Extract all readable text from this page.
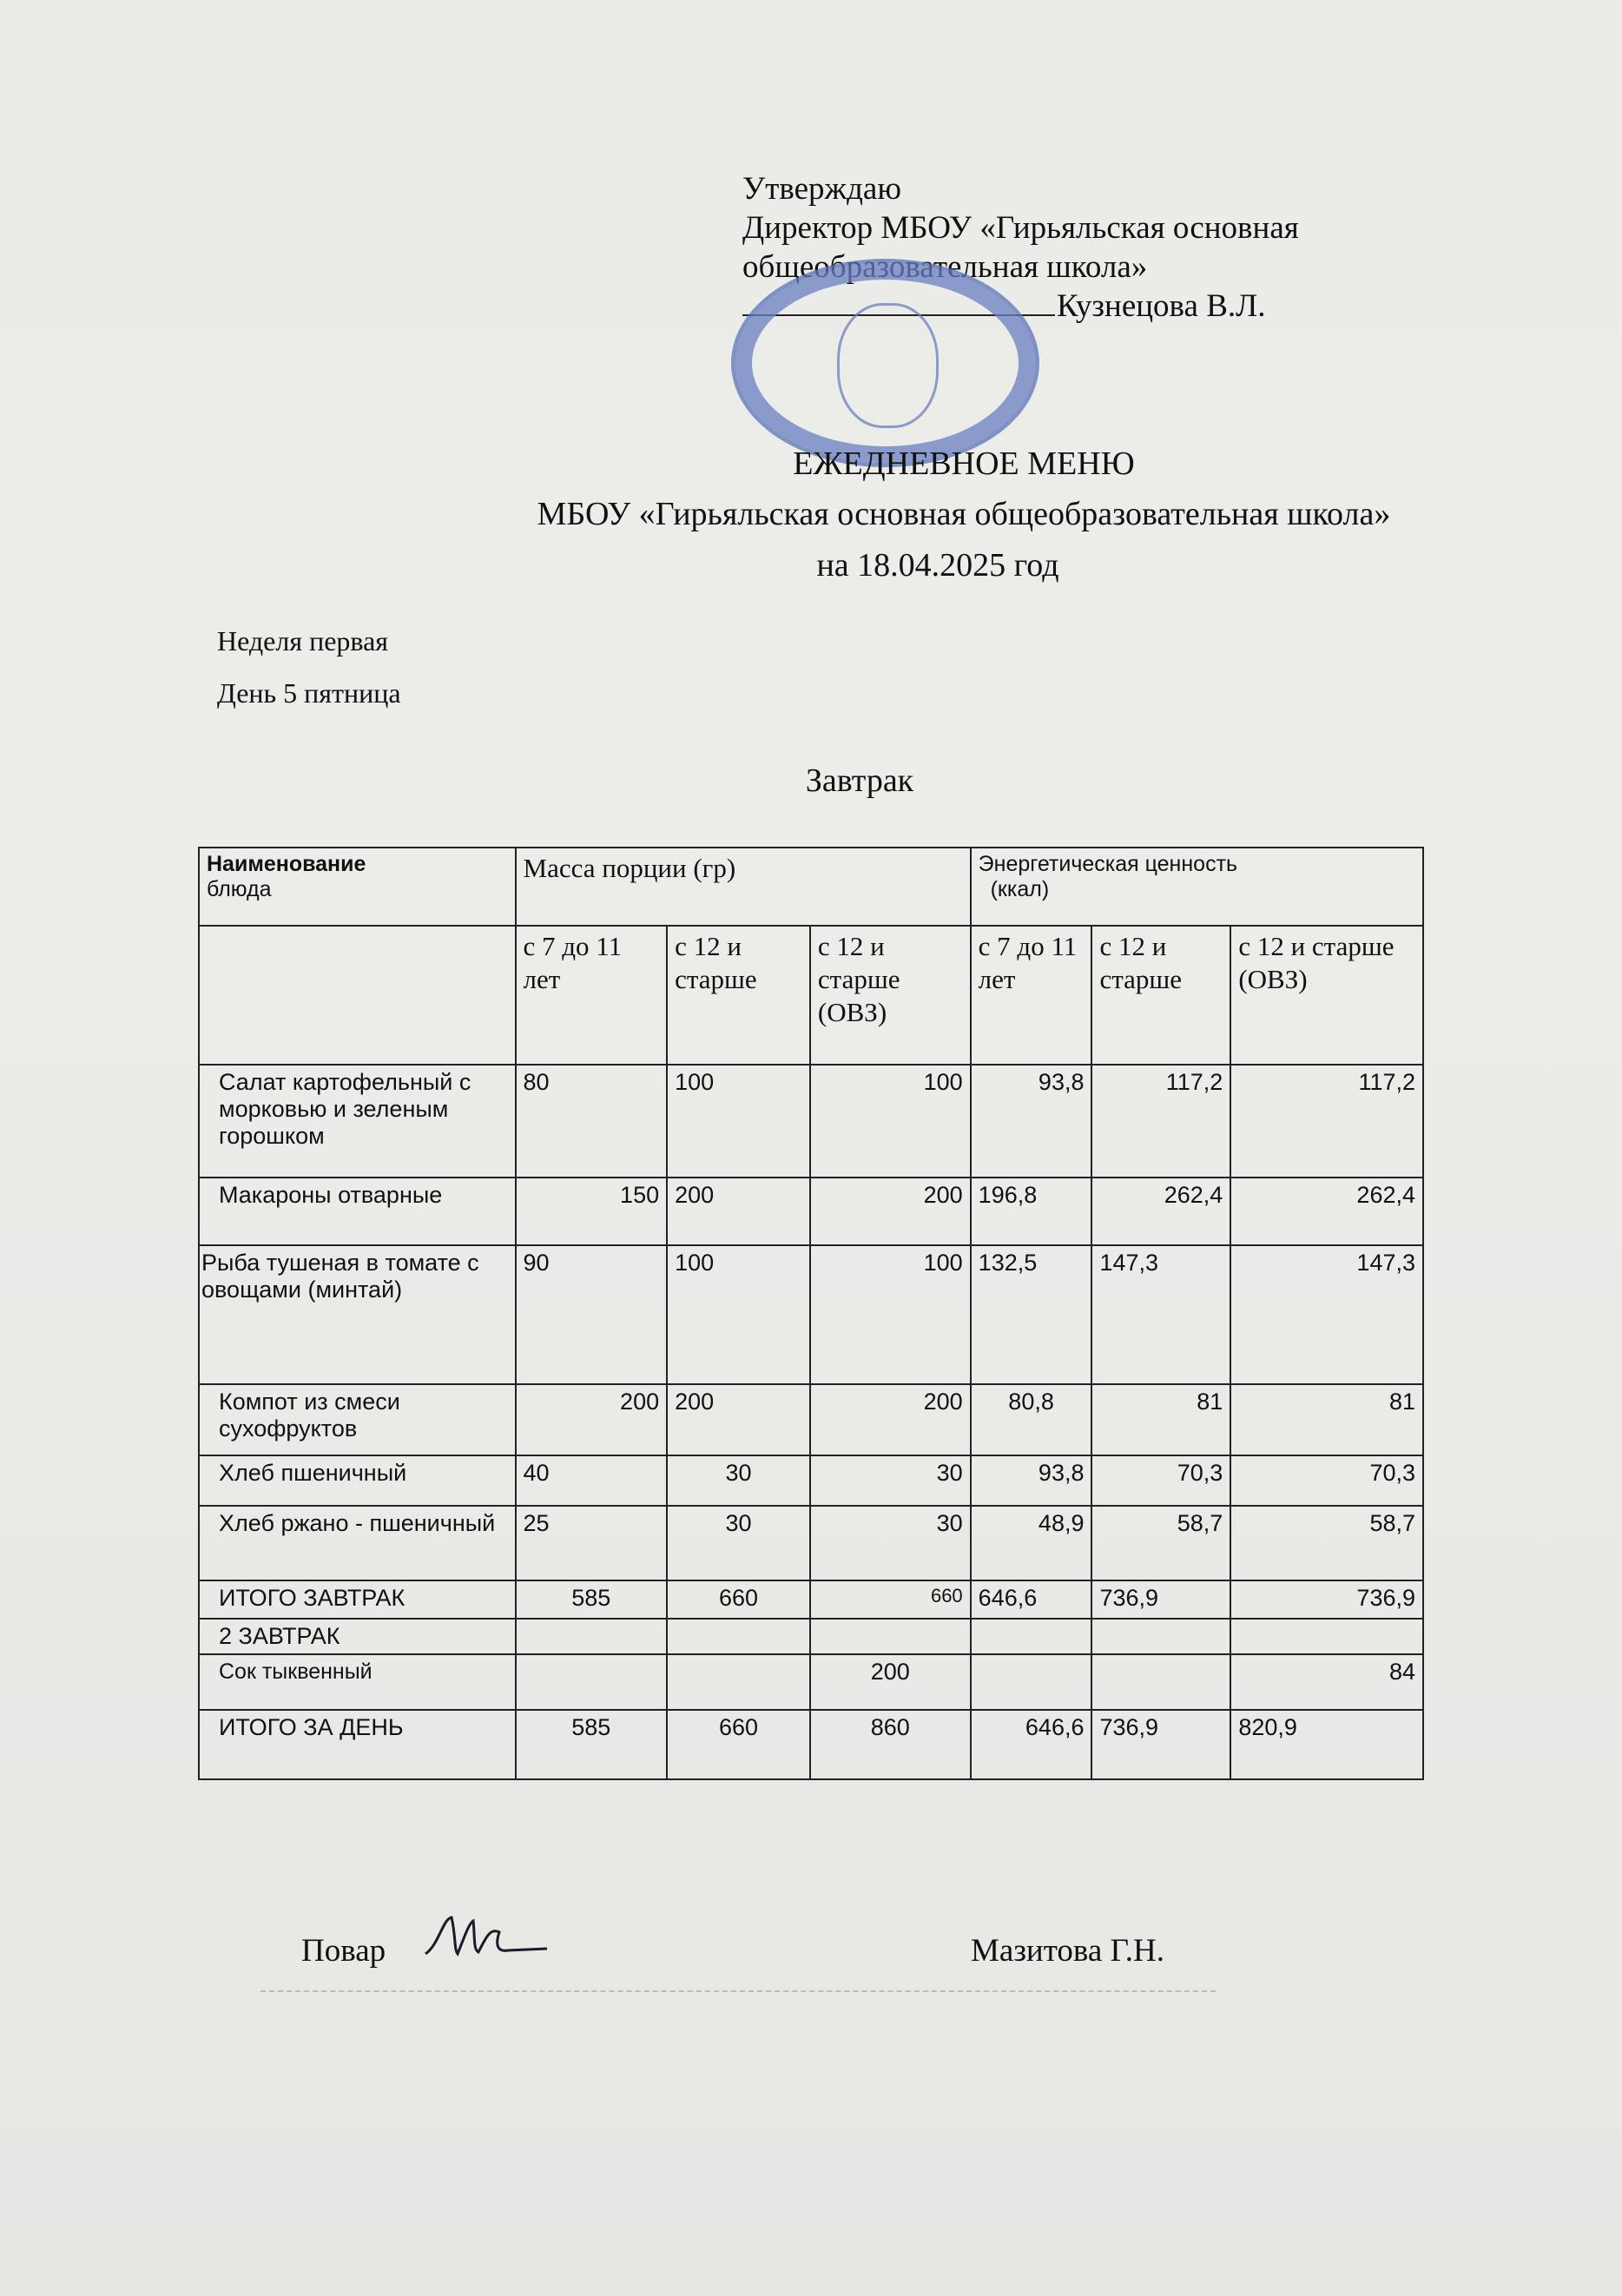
Утверждаю
Директор МБОУ «Гирьяльская основная
общеобразовательная школа»
Кузнецова В.Л.
ЕЖЕДНЕВНОЕ МЕНЮ
МБОУ «Гирьяльская основная общеобразовательная школа»
на 18.04.2025 год
Неделя первая
День 5 пятница
Завтрак
Наименование
блюда	Масса порции (гр)			Энергетическая ценность
(ккал)		
	с 7 до 11 лет	с 12 и старше	с 12 и старше (ОВЗ)	с 7 до 11 лет	с 12 и старше	с 12 и старше (ОВЗ)
Салат картофельный с морковью и зеленым горошком	80	100	100	93,8	117,2	117,2
Макароны отварные	150	200	200	196,8	262,4	262,4
Рыба тушеная в томате с овощами (минтай)	90	100	100	132,5	147,3	147,3
Компот из смеси сухофруктов	200	200	200	80,8	81	81
Хлеб пшеничный	40	30	30	93,8	70,3	70,3
Хлеб ржано - пшеничный	25	30	30	48,9	58,7	58,7
ИТОГО ЗАВТРАК	585	660	660	646,6	736,9	736,9
2 ЗАВТРАК						
Сок тыквенный			200			84
ИТОГО ЗА ДЕНЬ	585	660	860	646,6	736,9	820,9
Повар	Мазитова Г.Н.
